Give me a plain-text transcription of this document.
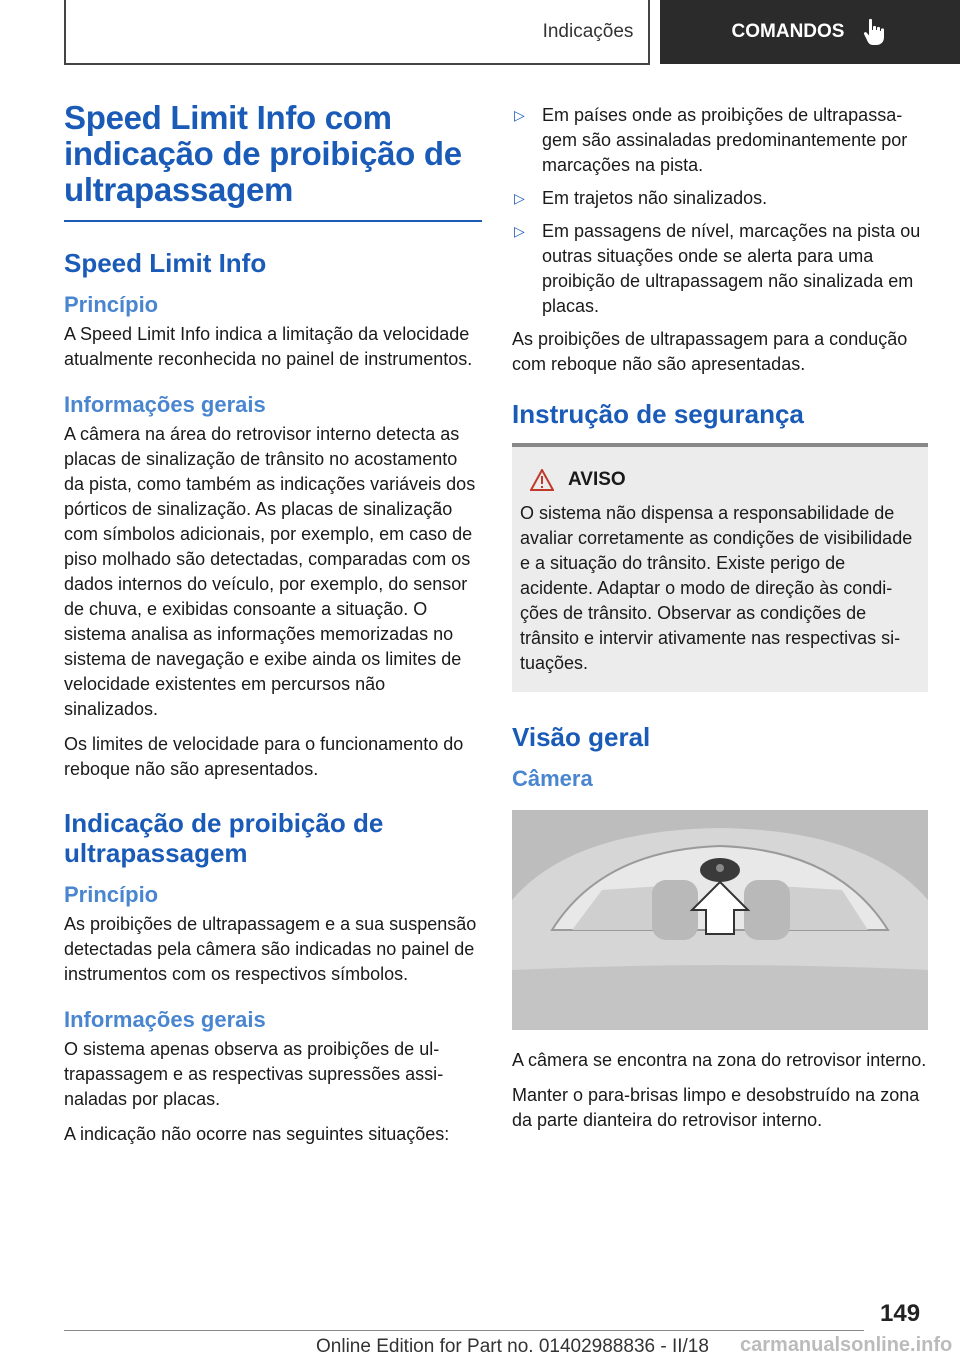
Indicações	COMANDOS
Speed Limit Info com indicação de proibição de ultrapassagem
Speed Limit Info
Princípio

A Speed Limit Info indica a limitação da velocidade atualmente reconhecida no painel de instrumentos.

Informações gerais

A câmera na área do retrovisor interno detecta as placas de sinalização de trânsito no acostamento da pista, como também as indicações variáveis dos pórticos de sinalização. As placas de sinalização com símbolos adicionais, por exemplo, em caso de piso molhado são detectadas, comparadas com os dados internos do veículo, por exemplo, do sensor de chuva, e exibidas consoante a situação. O sistema analisa as informações memorizadas no sistema de navegação e exibe ainda os limites de velocidade existentes em percursos não sinalizados.

Os limites de velocidade para o funcionamento do reboque não são apresentados.

Indicação de proibição de ultrapassagem
Princípio

As proibições de ultrapassagem e a sua suspensão detectadas pela câmera são indicadas no painel de instrumentos com os respectivos símbolos.

Informações gerais

O sistema apenas observa as proibições de ultrapassagem e as respectivas supressões assinaladas por placas.

A indicação não ocorre nas seguintes situações:

▷ Em países onde as proibições de ultrapassagem são assinaladas predominantemente por marcações na pista.
▷ Em trajetos não sinalizados.
▷ Em passagens de nível, marcações na pista ou outras situações onde se alerta para uma proibição de ultrapassagem não sinalizada em placas.

As proibições de ultrapassagem para a condução com reboque não são apresentadas.

Instrução de segurança
AVISO

O sistema não dispensa a responsabilidade de avaliar corretamente as condições de visibilidade e a situação do trânsito. Existe perigo de acidente. Adaptar o modo de direção às condições de trânsito. Observar as condições de trânsito e intervir ativamente nas respectivas situações.

Visão geral
Câmera

A câmera se encontra na zona do retrovisor interno.

Manter o para-brisas limpo e desobstruído na zona da parte dianteira do retrovisor interno.

149
Online Edition for Part no. 01402988836 - II/18 carmanualsonline.info
